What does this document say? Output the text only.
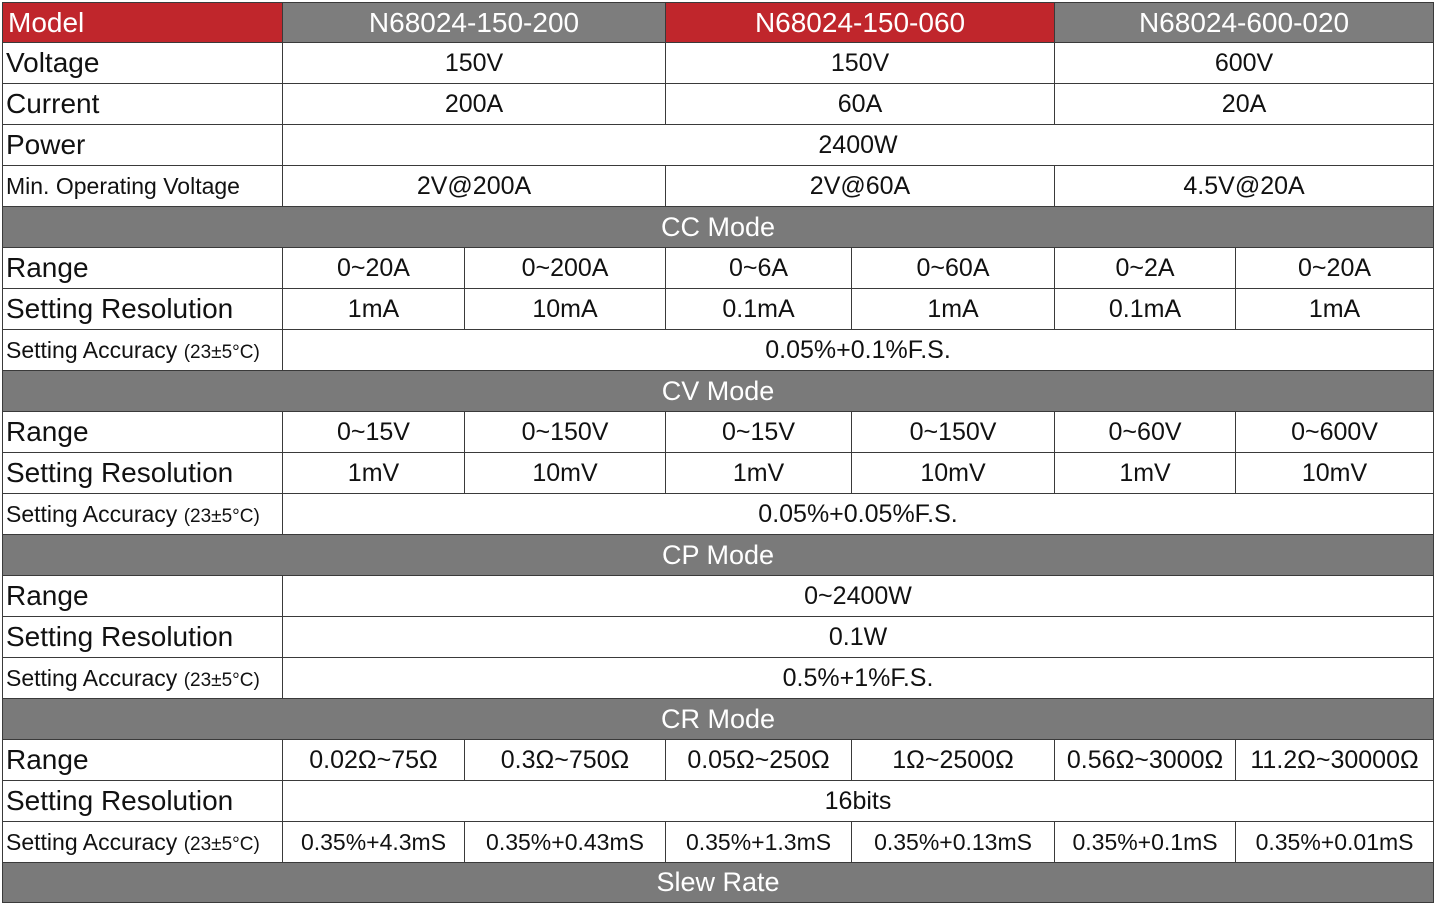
Model	N68024-150-200		N68024-150-060		N68024-600-020	
Voltage	150V		150V		600V	
Current	200A		60A		20A	
Power	2400W					
Min. Operating Voltage	2V@200A		2V@60A		4.5V@20A	
CC Mode						
Range	0~20A	0~200A	0~6A	0~60A	0~2A	0~20A
Setting Resolution	1mA	10mA	0.1mA	1mA	0.1mA	1mA
Setting Accuracy (23±5°C)	0.05%+0.1%F.S.					
CV Mode						
Range	0~15V	0~150V	0~15V	0~150V	0~60V	0~600V
Setting Resolution	1mV	10mV	1mV	10mV	1mV	10mV
Setting Accuracy (23±5°C)	0.05%+0.05%F.S.					
CP Mode						
Range	0~2400W					
Setting Resolution	0.1W					
Setting Accuracy (23±5°C)	0.5%+1%F.S.					
CR Mode						
Range	0.02Ω~75Ω	0.3Ω~750Ω	0.05Ω~250Ω	1Ω~2500Ω	0.56Ω~3000Ω	11.2Ω~30000Ω
Setting Resolution	16bits					
Setting Accuracy (23±5°C)	0.35%+4.3mS	0.35%+0.43mS	0.35%+1.3mS	0.35%+0.13mS	0.35%+0.1mS	0.35%+0.01mS
Slew Rate						
